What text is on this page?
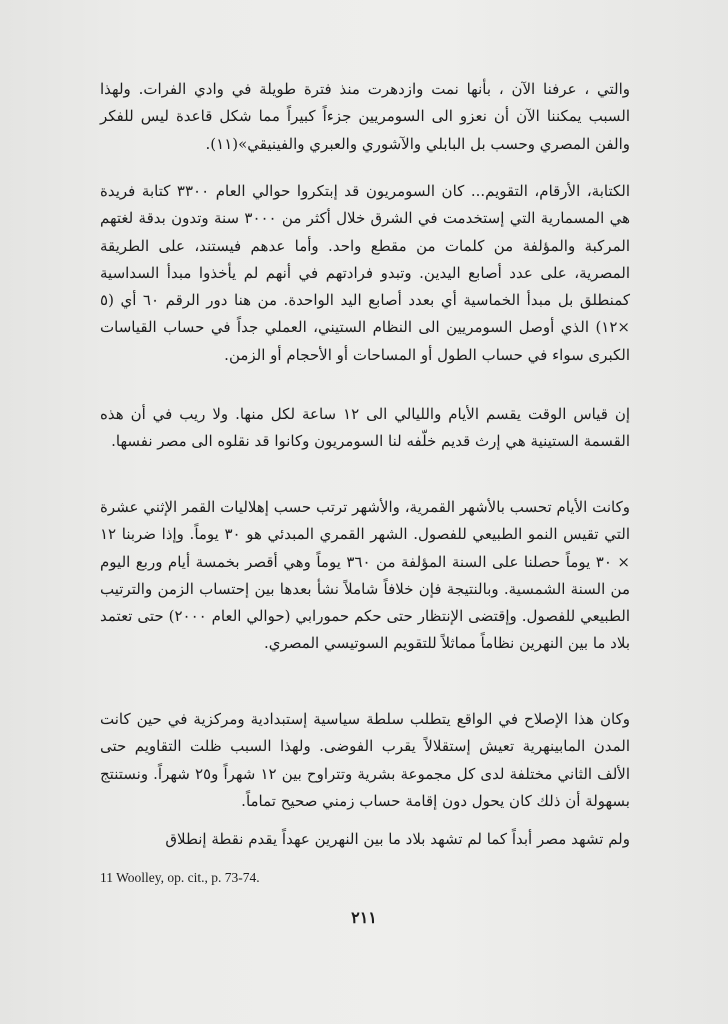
والتي ، عرفنا الآن ، بأنها نمت وازدهرت منذ فترة طويلة في وادي الفرات. ولهذا السبب يمكننا الآن أن نعزو الى السومريين جزءاً كبيراً مما شكل قاعدة ليس للفكر والفن المصري وحسب بل البابلي والآشوري والعبري والفينيقي»(١١).

الكتابة، الأرقام، التقويم... كان السومريون قد إبتكروا حوالي العام ٣٣٠٠ كتابة فريدة هي المسمارية التي إستخدمت في الشرق خلال أكثر من ٣٠٠٠ سنة وتدون بدقة لغتهم المركبة والمؤلفة من كلمات من مقطع واحد. وأما عدهم فيستند، على الطريقة المصرية، على عدد أصابع اليدين. وتبدو فرادتهم في أنهم لم يأخذوا مبدأ السداسية كمنطلق بل مبدأ الخماسية أي بعدد أصابع اليد الواحدة. من هنا دور الرقم ٦٠ أي (٥ ×١٢) الذي أوصل السومريين الى النظام الستيني، العملي جداً في حساب القياسات الكبرى سواء في حساب الطول أو المساحات أو الأحجام أو الزمن.

إن قياس الوقت يقسم الأيام والليالي الى ١٢ ساعة لكل منها. ولا ريب في أن هذه القسمة الستينية هي إرث قديم خلّفه لنا السومريون وكانوا قد نقلوه الى مصر نفسها.

وكانت الأيام تحسب بالأشهر القمرية، والأشهر ترتب حسب إهلاليات القمر الإثني عشرة التي تقيس النمو الطبيعي للفصول. الشهر القمري المبدئي هو ٣٠ يوماً. وإذا ضربنا ١٢ × ٣٠ يوماً حصلنا على السنة المؤلفة من ٣٦٠ يوماً وهي أقصر بخمسة أيام وربع اليوم من السنة الشمسية. وبالنتيجة فإن خلافاً شاملاً نشأ بعدها بين إحتساب الزمن والترتيب الطبيعي للفصول. وإقتضى الإنتظار حتى حكم حمورابي (حوالي العام ٢٠٠٠) حتى تعتمد بلاد ما بين النهرين نظاماً مماثلاً للتقويم السوتيسي المصري.

وكان هذا الإصلاح في الواقع يتطلب سلطة سياسية إستبدادية ومركزية في حين كانت المدن المابينهرية تعيش إستقلالاً يقرب الفوضى. ولهذا السبب ظلت التقاويم حتى الألف الثاني مختلفة لدى كل مجموعة بشرية وتتراوح بين ١٢ شهراً و٢٥ شهراً. ونستنتج بسهولة أن ذلك كان يحول دون إقامة حساب زمني صحيح تماماً.

ولم تشهد مصر أبداً كما لم تشهد بلاد ما بين النهرين عهداً يقدم نقطة إنطلاق

11 Woolley, op. cit., p. 73-74.

٢١١
